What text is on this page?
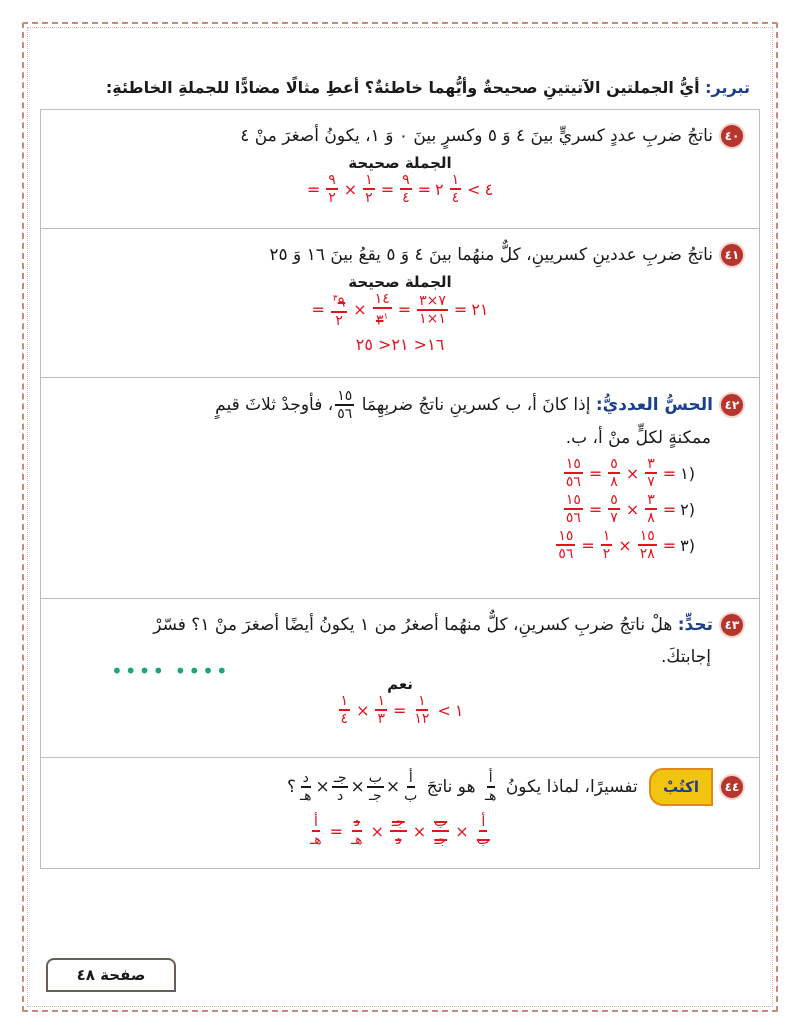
تبرير: أيُّ الجملتين الآتيتينِ صحيحةٌ وأيُّهما خاطئةٌ؟ أعطِ مثالًا مضادًّا للجملةِ الخاطئةِ:
٤٠ناتجُ ضربِ عددٍ كسريٍّ بينَ ٤ وَ ٥ وكسرٍ بينَ ٠ وَ ١، يكونُ أصغرَ منْ ٤
الجملة صحيحة
= $\frac{٩}{٢} \times \frac{١}{٢} = \frac{٩}{٤}$ = ٢ $\frac{١}{٤}$ < ٤
٤١ناتجُ ضربِ عددينِ كسريينِ، كلٌّ منهُما بينَ ٤ وَ ٥ يقعُ بينَ ١٦ وَ ٢٥
الجملة صحيحة
= $\frac{^٣٩}{٢} \times \frac{١٤}{٣^١} = \frac{٧\times ٣}{١\times ١}$ = ٢١
١٦< ٢١< ٢٥
٤٢الحسُّ العدديُّ: إذا كانَ أ، ب كسرينِ ناتجُ ضربِهِمَا
$\frac{١٥}{٥٦}$
، فأوجدْ ثلاثَ قيمٍ
ممكنةٍ لكلٍّ منْ أ، ب.
$\frac{١٥}{٥٦} = \frac{٥}{٨} \times \frac{٣}{٧}$ = ١)
$\frac{١٥}{٥٦} = \frac{٥}{٧} \times \frac{٣}{٨}$ = ٢)
$\frac{١٥}{٥٦} = \frac{١}{٢} \times \frac{١٥}{٢٨}$ = ٣)
٤٣تحدٍّ: هلْ ناتجُ ضربِ كسرينِ، كلٌّ منهُما أصغرُ من ١ يكونُ أيضًا أصغرَ منْ ١؟ فسّرْ
إجابتكَ.
•••• ••••
نعم
$\frac{١}{٤} \times \frac{١}{٣} = \frac{١}{١٢}$ < ١
٤٤اكتُبْ تفسيرًا، لماذا يكونُ
$\frac{\text{أ}}{\text{هـ}}$
هو ناتجَ
$\frac{\text{أ}}{\text{ب}}$
×
$\frac{\text{ب}}{\text{جـ}}$
×
$\frac{\text{جـ}}{\text{د}}$
×
$\frac{\text{د}}{\text{هـ}}$
؟
$\frac{\text{أ}}{\text{ب}}$
×
$\frac{\text{ب}}{\text{جـ}}$
×
$\frac{\text{جـ}}{\text{د}}$
×
$\frac{\text{د}}{\text{هـ}}$
=
$\frac{\text{أ}}{\text{هـ}}$
صفحة ٤٨
